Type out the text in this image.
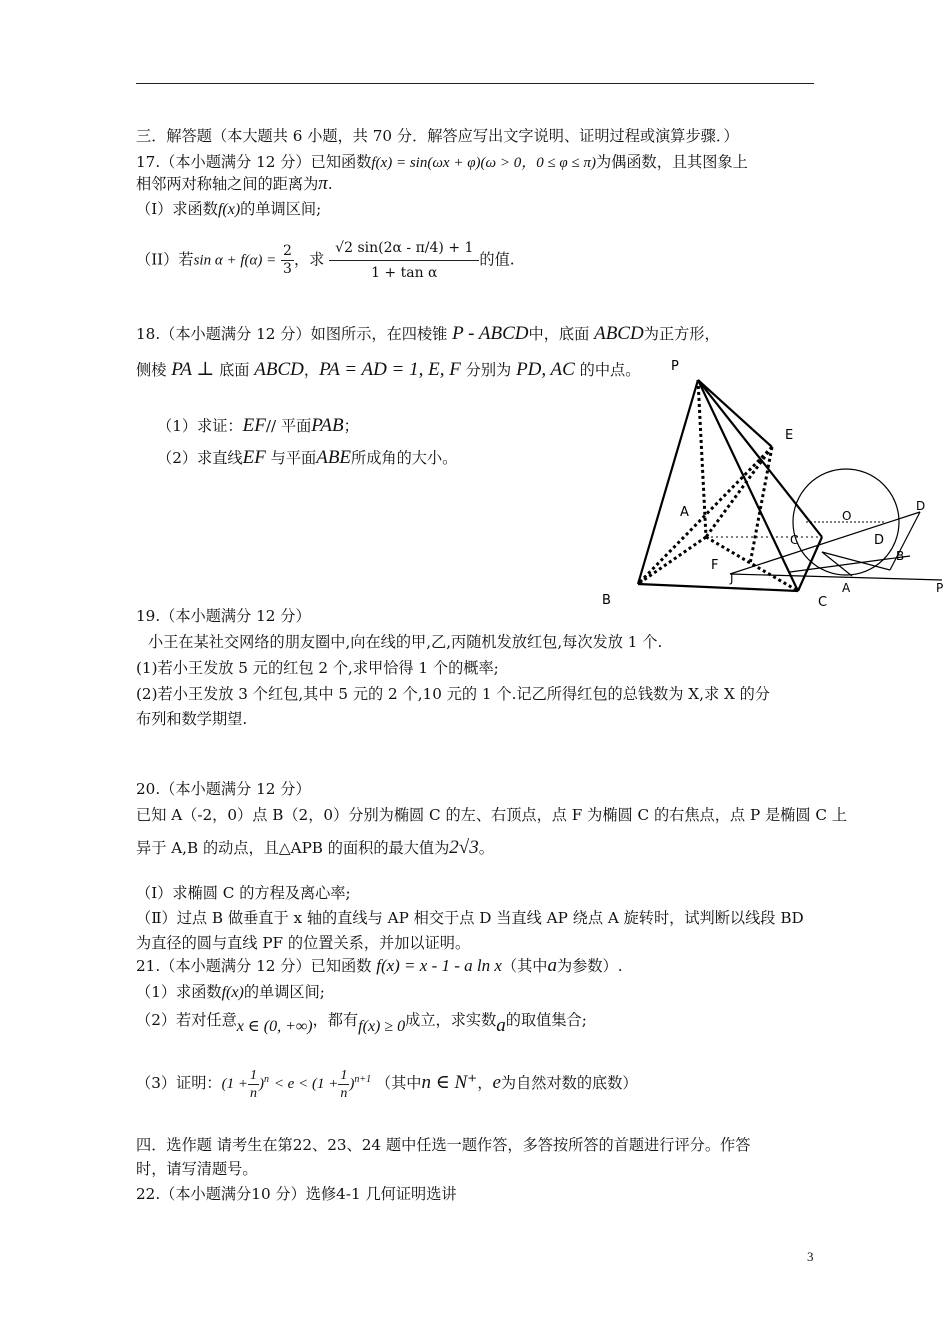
三．解答题（本大题共 6 小题，共 70 分．解答应写出文字说明、证明过程或演算步骤．）
17.（本小题满分 12 分）已知函数f(x) = sin(ωx + φ)(ω > 0，0 ≤ φ ≤ π)为偶函数，且其图象上
相邻两对称轴之间的距离为π.
（I）求函数f(x)的单调区间;
（II）若$\sin \alpha + f(\alpha) = \frac{2}{3}$ ，求 $\frac{√2 \sin(2\alpha - \pi/4) + 1}{\text{1 + tan α}}$ 的值.
18.（本小题满分 12 分）如图所示，在四棱锥 P - ABCD中，底面 ABCD为正方形，
侧棱 PA ⊥ 底面 ABCD，PA = AD = 1, E, F 分别为 PD, AC 的中点。
（1）求证：EF// 平面PAB；
（2）求直线EF 与平面ABE所成角的大小。
P
E
A
F
B	C
O
D
D
C
B
A	P
J
19.（本小题满分 12 分）
小王在某社交网络的朋友圈中,向在线的甲,乙,丙随机发放红包,每次发放 1 个.
(1)若小王发放 5 元的红包 2 个,求甲恰得 1 个的概率;
(2)若小王发放 3 个红包,其中 5 元的 2 个,10 元的 1 个.记乙所得红包的总钱数为 X,求 X 的分
布列和数学期望.
20.（本小题满分 12 分）
已知 A（-2，0）点 B（2，0）分别为椭圆 C 的左、右顶点，点 F 为椭圆 C 的右焦点，点 P 是椭圆 C 上
异于 A,B 的动点，且△APB 的面积的最大值为2√3。
（Ⅰ）求椭圆 C 的方程及离心率;
（Ⅱ）过点 B 做垂直于 x 轴的直线与 AP 相交于点 D 当直线 AP 绕点 A 旋转时，试判断以线段 BD
为直径的圆与直线 PF 的位置关系，并加以证明。
21.（本小题满分 12 分）已知函数 f(x) = x - 1 - a ln x（其中a为参数）.
（1）求函数f(x)的单调区间;
（2）若对任意x ∈ (0, +∞)，都有f(x) ≥ 0成立，求实数a的取值集合;
（3）证明：$(1 + \frac{1}{n} )^n < e < (1 + \frac{1}{n} )^{n+1}$ （其中n ∈ N⁺，e为自然对数的底数）
四．选作题 请考生在第22、23、24 题中任选一题作答，多答按所答的首题进行评分。作答
时，请写清题号。
22.（本小题满分10 分）选修4-1 几何证明选讲
3
